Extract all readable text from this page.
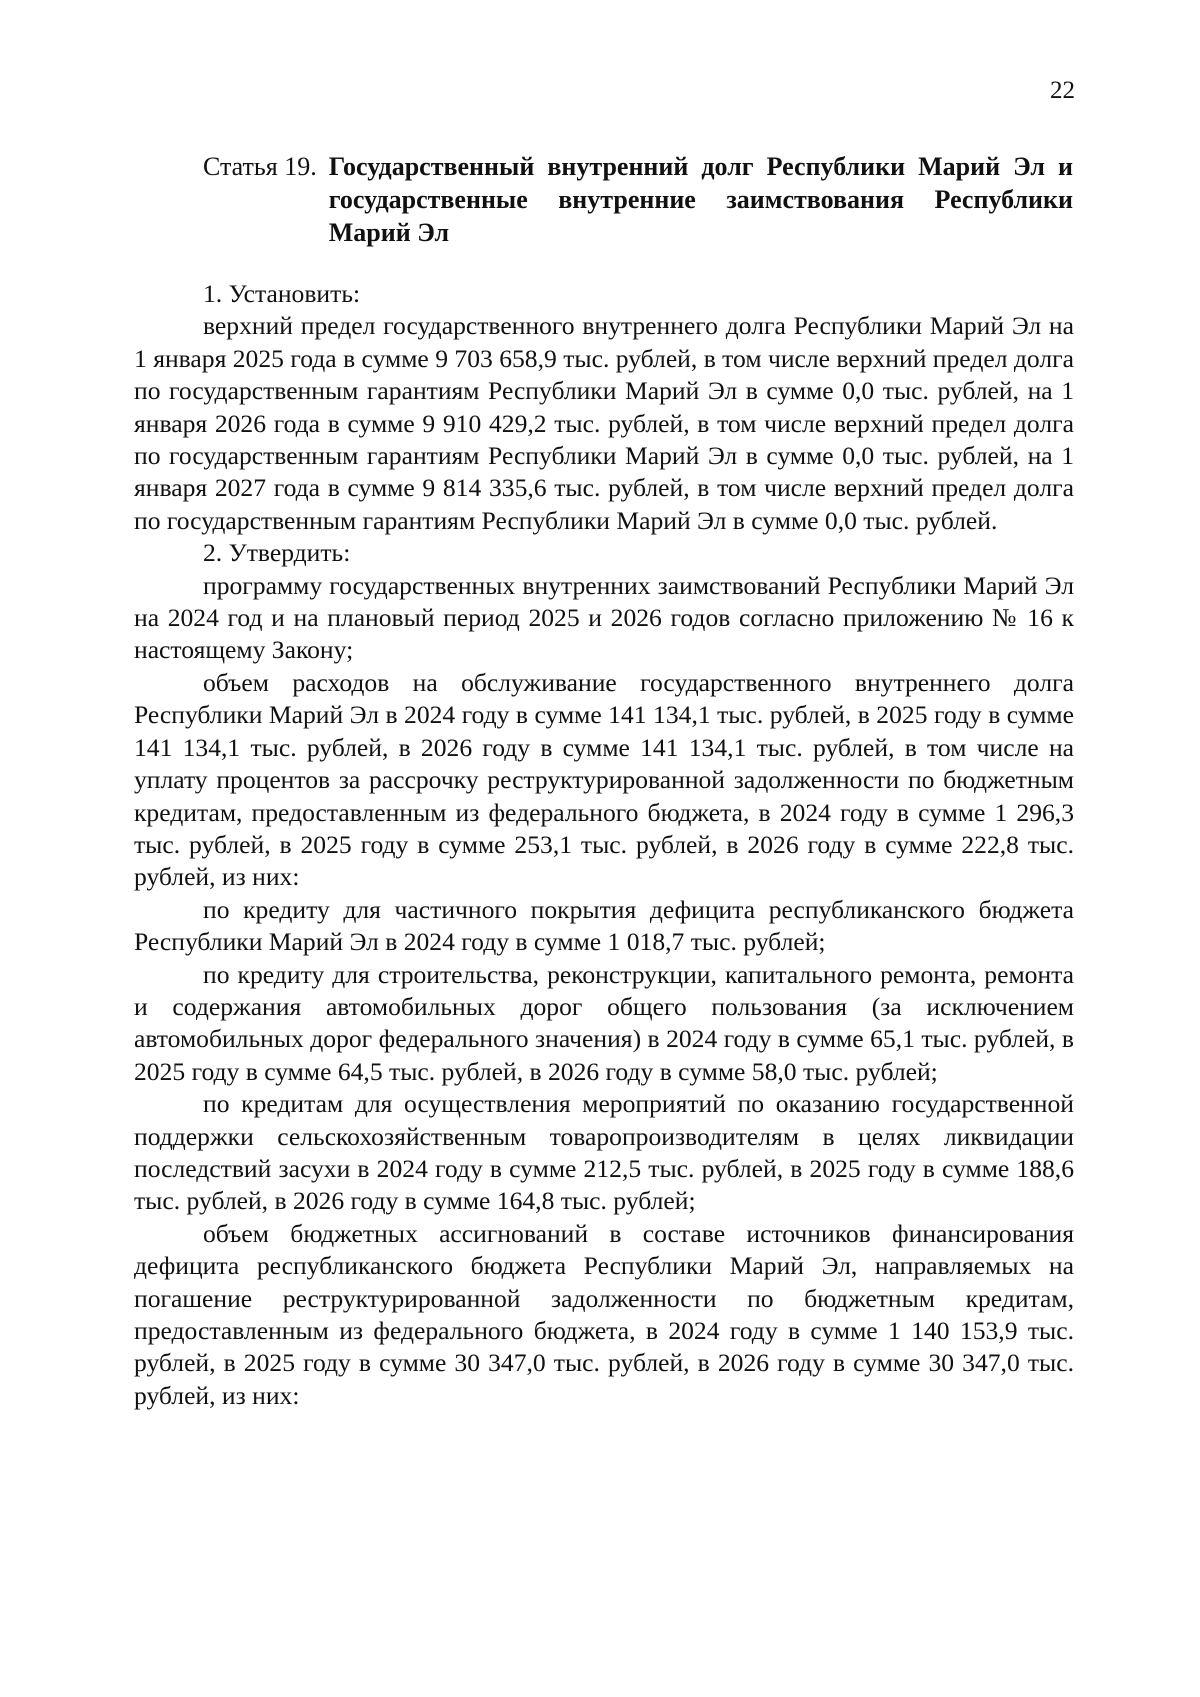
22
Статья 19. Государственный внутренний долг Республики Марий Эл и государственные внутренние заимствования Республики Марий Эл

1. Установить:

верхний предел государственного внутреннего долга Республики Марий Эл на 1 января 2025 года в сумме 9 703 658,9 тыс. рублей, в том числе верхний предел долга по государственным гарантиям Республики Марий Эл в сумме 0,0 тыс. рублей, на 1 января 2026 года в сумме 9 910 429,2 тыс. рублей, в том числе верхний предел долга по государственным гарантиям Республики Марий Эл в сумме 0,0 тыс. рублей, на 1 января 2027 года в сумме 9 814 335,6 тыс. рублей, в том числе верхний предел долга по государственным гарантиям Республики Марий Эл в сумме 0,0 тыс. рублей.

2. Утвердить:

программу государственных внутренних заимствований Республики Марий Эл на 2024 год и на плановый период 2025 и 2026 годов согласно приложению № 16 к настоящему Закону;

объем расходов на обслуживание государственного внутреннего долга Республики Марий Эл в 2024 году в сумме 141 134,1 тыс. рублей, в 2025 году в сумме 141 134,1 тыс. рублей, в 2026 году в сумме 141 134,1 тыс. рублей, в том числе на уплату процентов за рассрочку реструктурированной задолженности по бюджетным кредитам, предоставленным из федерального бюджета, в 2024 году в сумме 1 296,3 тыс. рублей, в 2025 году в сумме 253,1 тыс. рублей, в 2026 году в сумме 222,8 тыс. рублей, из них:

по кредиту для частичного покрытия дефицита республиканского бюджета Республики Марий Эл в 2024 году в сумме 1 018,7 тыс. рублей;

по кредиту для строительства, реконструкции, капитального ремонта, ремонта и содержания автомобильных дорог общего пользования (за исключением автомобильных дорог федерального значения) в 2024 году в сумме 65,1 тыс. рублей, в 2025 году в сумме 64,5 тыс. рублей, в 2026 году в сумме 58,0 тыс. рублей;

по кредитам для осуществления мероприятий по оказанию государственной поддержки сельскохозяйственным товаропроизводителям в целях ликвидации последствий засухи в 2024 году в сумме 212,5 тыс. рублей, в 2025 году в сумме 188,6 тыс. рублей, в 2026 году в сумме 164,8 тыс. рублей;

объем бюджетных ассигнований в составе источников финансирования дефицита республиканского бюджета Республики Марий Эл, направляемых на погашение реструктурированной задолженности по бюджетным кредитам, предоставленным из федерального бюджета, в 2024 году в сумме 1 140 153,9 тыс. рублей, в 2025 году в сумме 30 347,0 тыс. рублей, в 2026 году в сумме 30 347,0 тыс. рублей, из них:
